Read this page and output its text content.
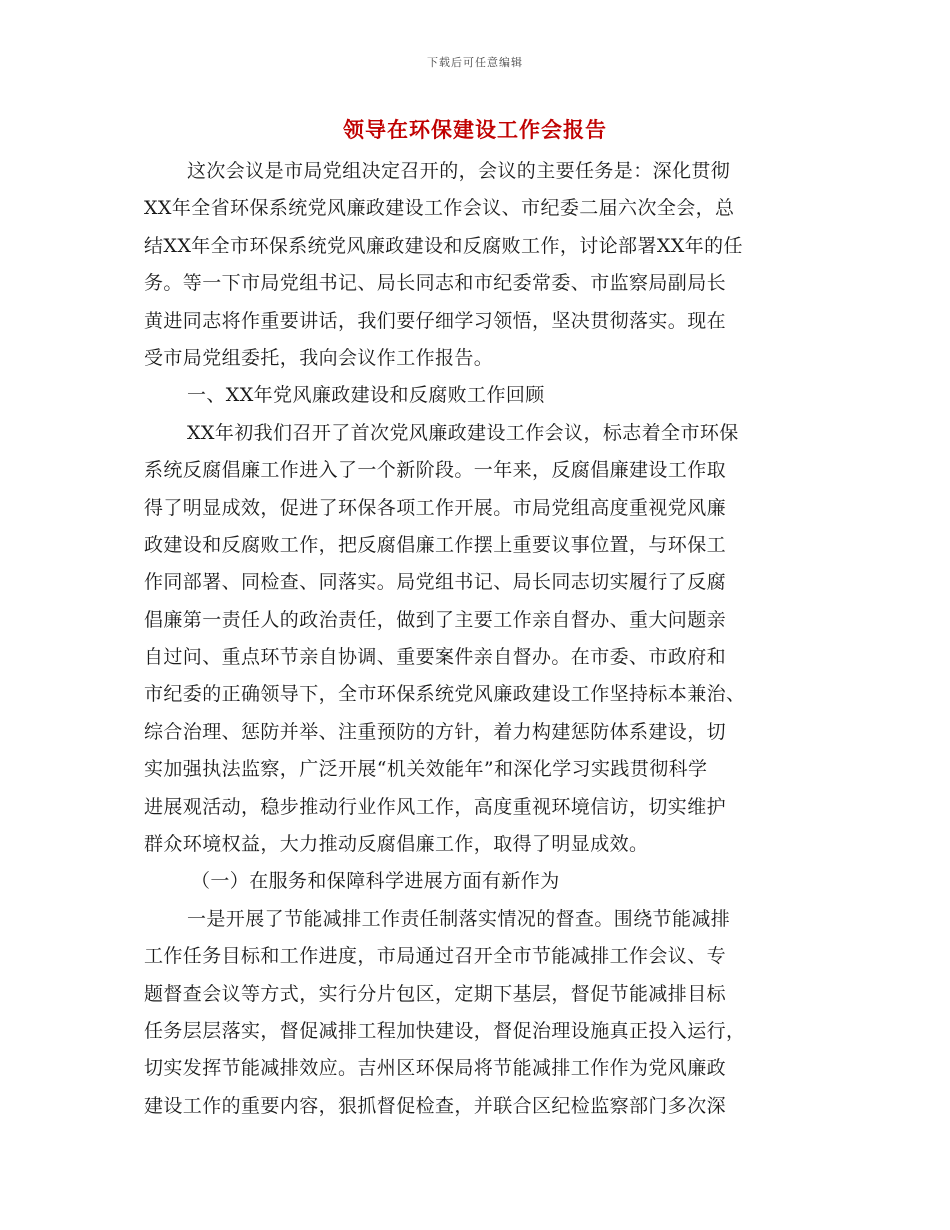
下载后可任意编辑
领导在环保建设工作会报告
这次会议是市局党组决定召开的，会议的主要任务是：深化贯彻
XX年全省环保系统党风廉政建设工作会议、市纪委二届六次全会，总
结XX年全市环保系统党风廉政建设和反腐败工作，讨论部署XX年的任
务。等一下市局党组书记、局长同志和市纪委常委、市监察局副局长
黄进同志将作重要讲话，我们要仔细学习领悟，坚决贯彻落实。现在
受市局党组委托，我向会议作工作报告。
一、XX年党风廉政建设和反腐败工作回顾
XX年初我们召开了首次党风廉政建设工作会议，标志着全市环保
系统反腐倡廉工作进入了一个新阶段。一年来，反腐倡廉建设工作取
得了明显成效，促进了环保各项工作开展。市局党组高度重视党风廉
政建设和反腐败工作，把反腐倡廉工作摆上重要议事位置，与环保工
作同部署、同检查、同落实。局党组书记、局长同志切实履行了反腐
倡廉第一责任人的政治责任，做到了主要工作亲自督办、重大问题亲
自过问、重点环节亲自协调、重要案件亲自督办。在市委、市政府和
市纪委的正确领导下，全市环保系统党风廉政建设工作坚持标本兼治、
综合治理、惩防并举、注重预防的方针，着力构建惩防体系建设，切
实加强执法监察，广泛开展“机关效能年”和深化学习实践贯彻科学
进展观活动，稳步推动行业作风工作，高度重视环境信访，切实维护
群众环境权益，大力推动反腐倡廉工作，取得了明显成效。
（一）在服务和保障科学进展方面有新作为
一是开展了节能减排工作责任制落实情况的督查。围绕节能减排
工作任务目标和工作进度，市局通过召开全市节能减排工作会议、专
题督查会议等方式，实行分片包区，定期下基层，督促节能减排目标
任务层层落实，督促减排工程加快建设，督促治理设施真正投入运行，
切实发挥节能减排效应。吉州区环保局将节能减排工作作为党风廉政
建设工作的重要内容，狠抓督促检查，并联合区纪检监察部门多次深
